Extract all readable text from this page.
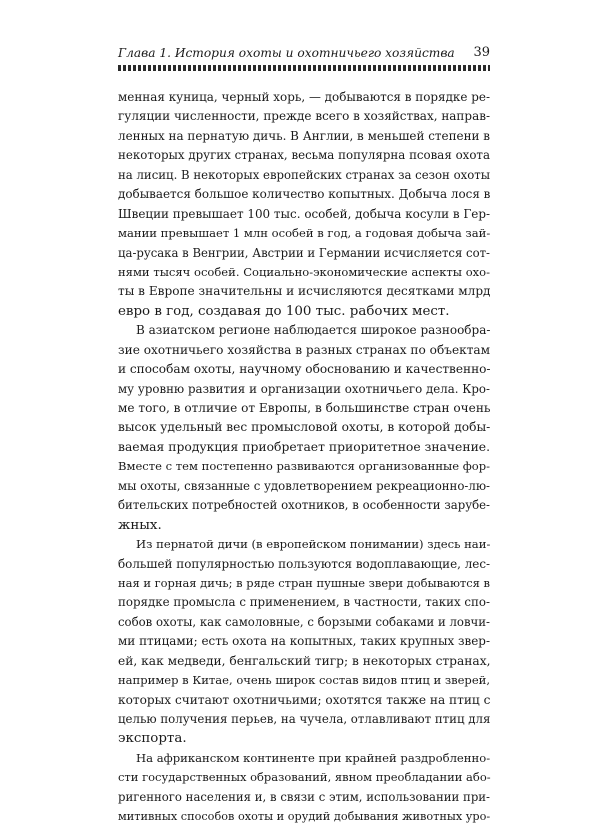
Глава 1. История охоты и охотничьего хозяйства 39
менная куница, черный хорь, — добываются в порядке ре-
гуляции численности, прежде всего в хозяйствах, направ-
ленных на пернатую дичь. В Англии, в меньшей степени в
некоторых других странах, весьма популярна псовая охота
на лисиц. В некоторых европейских странах за сезон охоты
добывается большое количество копытных. Добыча лося в
Швеции превышает 100 тыс. особей, добыча косули в Гер-
мании превышает 1 млн особей в год, а годовая добыча зай-
ца-русака в Венгрии, Австрии и Германии исчисляется сот-
нями тысяч особей. Социально-экономические аспекты охо-
ты в Европе значительны и исчисляются десятками млрд
евро в год, создавая до 100 тыс. рабочих мест.
В азиатском регионе наблюдается широкое разнообра-
зие охотничьего хозяйства в разных странах по объектам
и способам охоты, научному обоснованию и качественно-
му уровню развития и организации охотничьего дела. Кро-
ме того, в отличие от Европы, в большинстве стран очень
высок удельный вес промысловой охоты, в которой добы-
ваемая продукция приобретает приоритетное значение.
Вместе с тем постепенно развиваются организованные фор-
мы охоты, связанные с удовлетворением рекреационно-лю-
бительских потребностей охотников, в особенности зарубе-
жных.
Из пернатой дичи (в европейском понимании) здесь наи-
большей популярностью пользуются водоплавающие, лес-
ная и горная дичь; в ряде стран пушные звери добываются в
порядке промысла с применением, в частности, таких спо-
собов охоты, как самоловные, с борзыми собаками и ловчи-
ми птицами; есть охота на копытных, таких крупных звер-
ей, как медведи, бенгальский тигр; в некоторых странах,
например в Китае, очень широк состав видов птиц и зверей,
которых считают охотничьими; охотятся также на птиц с
целью получения перьев, на чучела, отлавливают птиц для
экспорта.
На африканском континенте при крайней раздробленно-
сти государственных образований, явном преобладании або-
ригенного населения и, в связи с этим, использовании при-
митивных способов охоты и орудий добывания животных уро-
